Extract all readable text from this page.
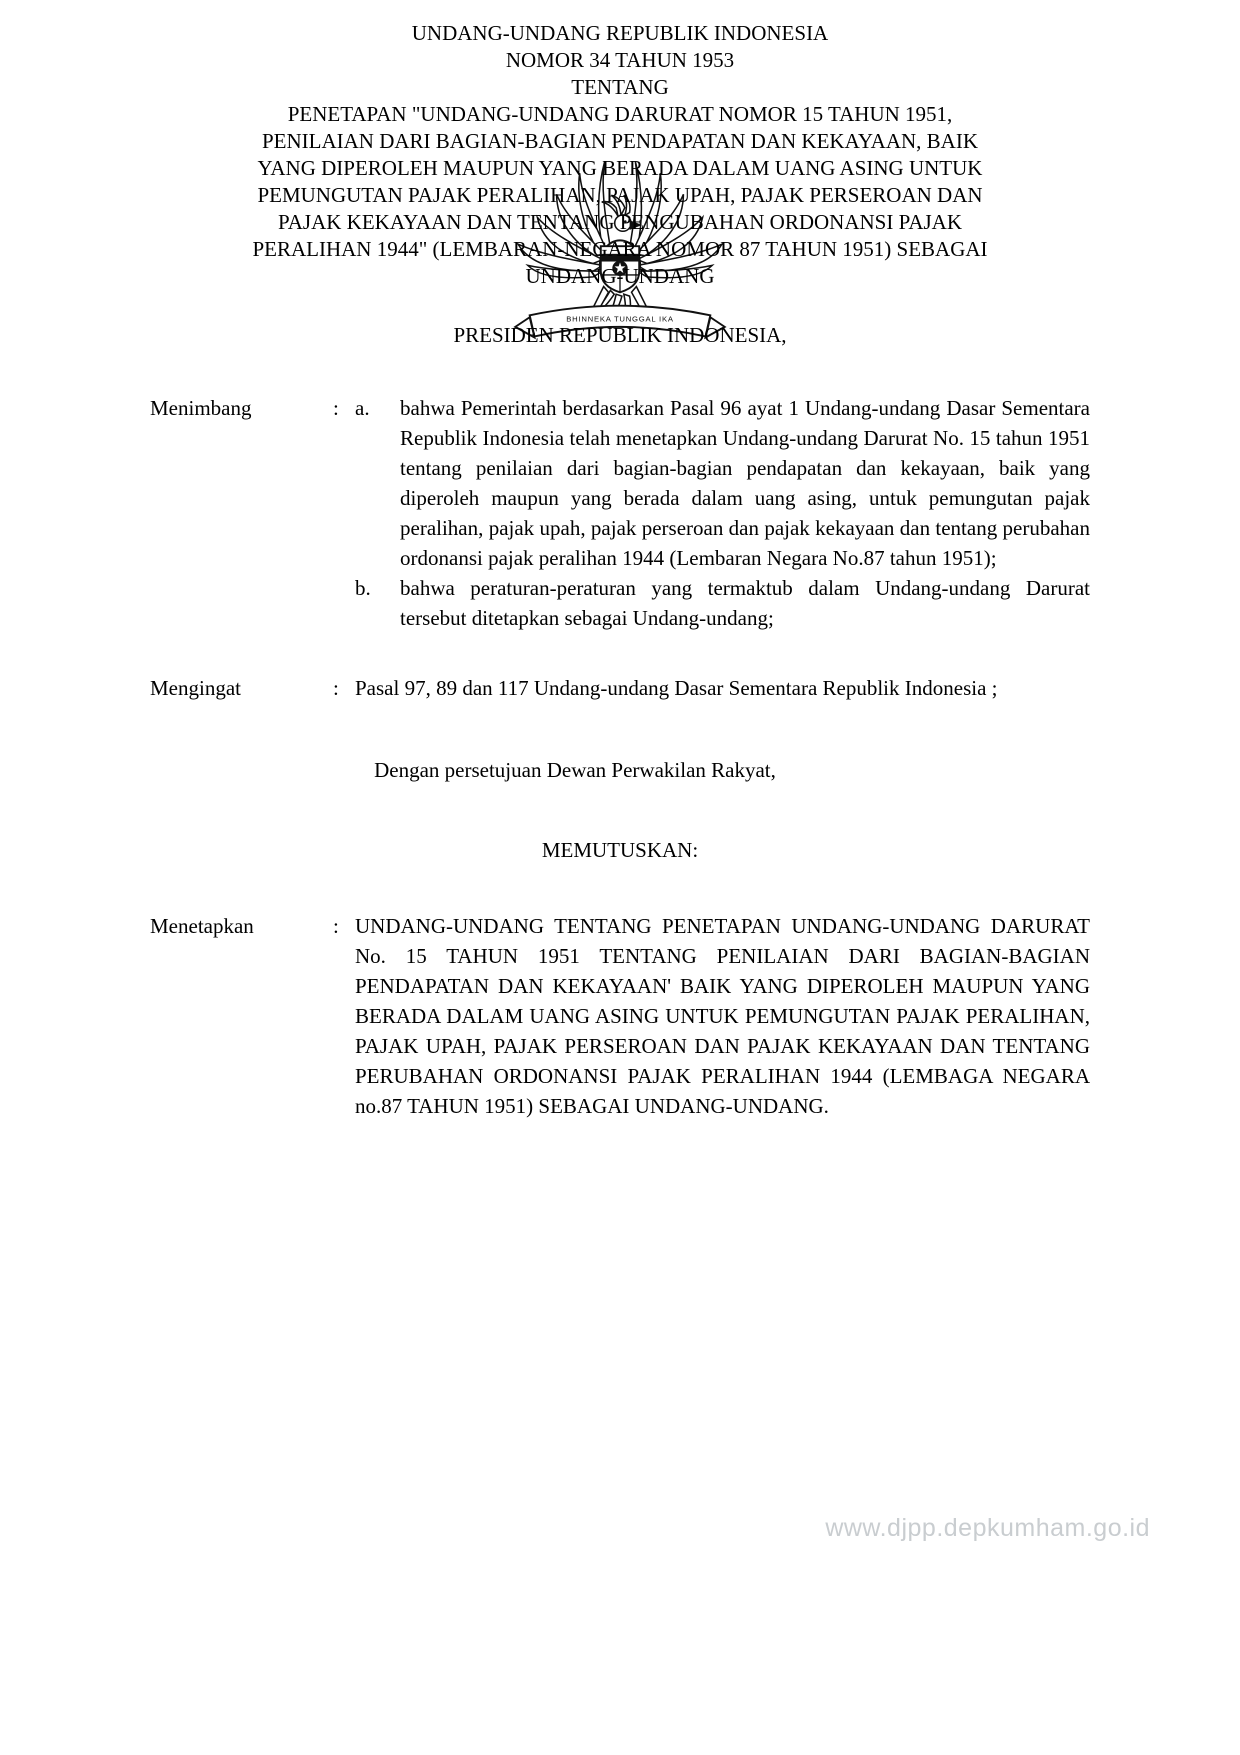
BHINNEKA TUNGGAL IKA
UNDANG-UNDANG REPUBLIK INDONESIA
NOMOR 34 TAHUN 1953
TENTANG
PENETAPAN "UNDANG-UNDANG DARURAT NOMOR 15 TAHUN 1951,
PENILAIAN DARI BAGIAN-BAGIAN PENDAPATAN DAN KEKAYAAN, BAIK
YANG DIPEROLEH MAUPUN YANG BERADA DALAM UANG ASING UNTUK
PEMUNGUTAN PAJAK PERALIHAN, PAJAK UPAH, PAJAK PERSEROAN DAN
PAJAK KEKAYAAN DAN TENTANG PENGUBAHAN ORDONANSI PAJAK
PERALIHAN 1944" (LEMBARAN-NEGARA NOMOR 87 TAHUN 1951) SEBAGAI
UNDANG-UNDANG
PRESIDEN REPUBLIK INDONESIA,
Menimbang	: a.	bahwa Pemerintah berdasarkan Pasal 96 ayat 1 Undang-undang Dasar Sementara Republik Indonesia telah menetapkan Undang-undang Darurat No. 15 tahun 1951 tentang penilaian dari bagian-bagian pendapatan dan kekayaan, baik yang diperoleh maupun yang berada dalam uang asing, untuk pemungutan pajak peralihan, pajak upah, pajak perseroan dan pajak kekayaan dan tentang perubahan ordonansi pajak peralihan 1944 (Lembaran Negara No.87 tahun 1951);
b.	bahwa peraturan-peraturan yang termaktub dalam Undang-undang Darurat tersebut ditetapkan sebagai Undang-undang;
Mengingat	: Pasal 97, 89 dan 117 Undang-undang Dasar Sementara Republik Indonesia ;
Dengan persetujuan Dewan Perwakilan Rakyat,
MEMUTUSKAN:
Menetapkan	: UNDANG-UNDANG TENTANG PENETAPAN UNDANG-UNDANG DARURAT No. 15 TAHUN 1951 TENTANG PENILAIAN DARI BAGIAN-BAGIAN PENDAPATAN DAN KEKAYAAN' BAIK YANG DIPEROLEH MAUPUN YANG BERADA DALAM UANG ASING UNTUK PEMUNGUTAN PAJAK PERALIHAN, PAJAK UPAH, PAJAK PERSEROAN DAN PAJAK KEKAYAAN DAN TENTANG PERUBAHAN ORDONANSI PAJAK PERALIHAN 1944 (LEMBAGA NEGARA no.87 TAHUN 1951) SEBAGAI UNDANG-UNDANG.
www.djpp.depkumham.go.id
